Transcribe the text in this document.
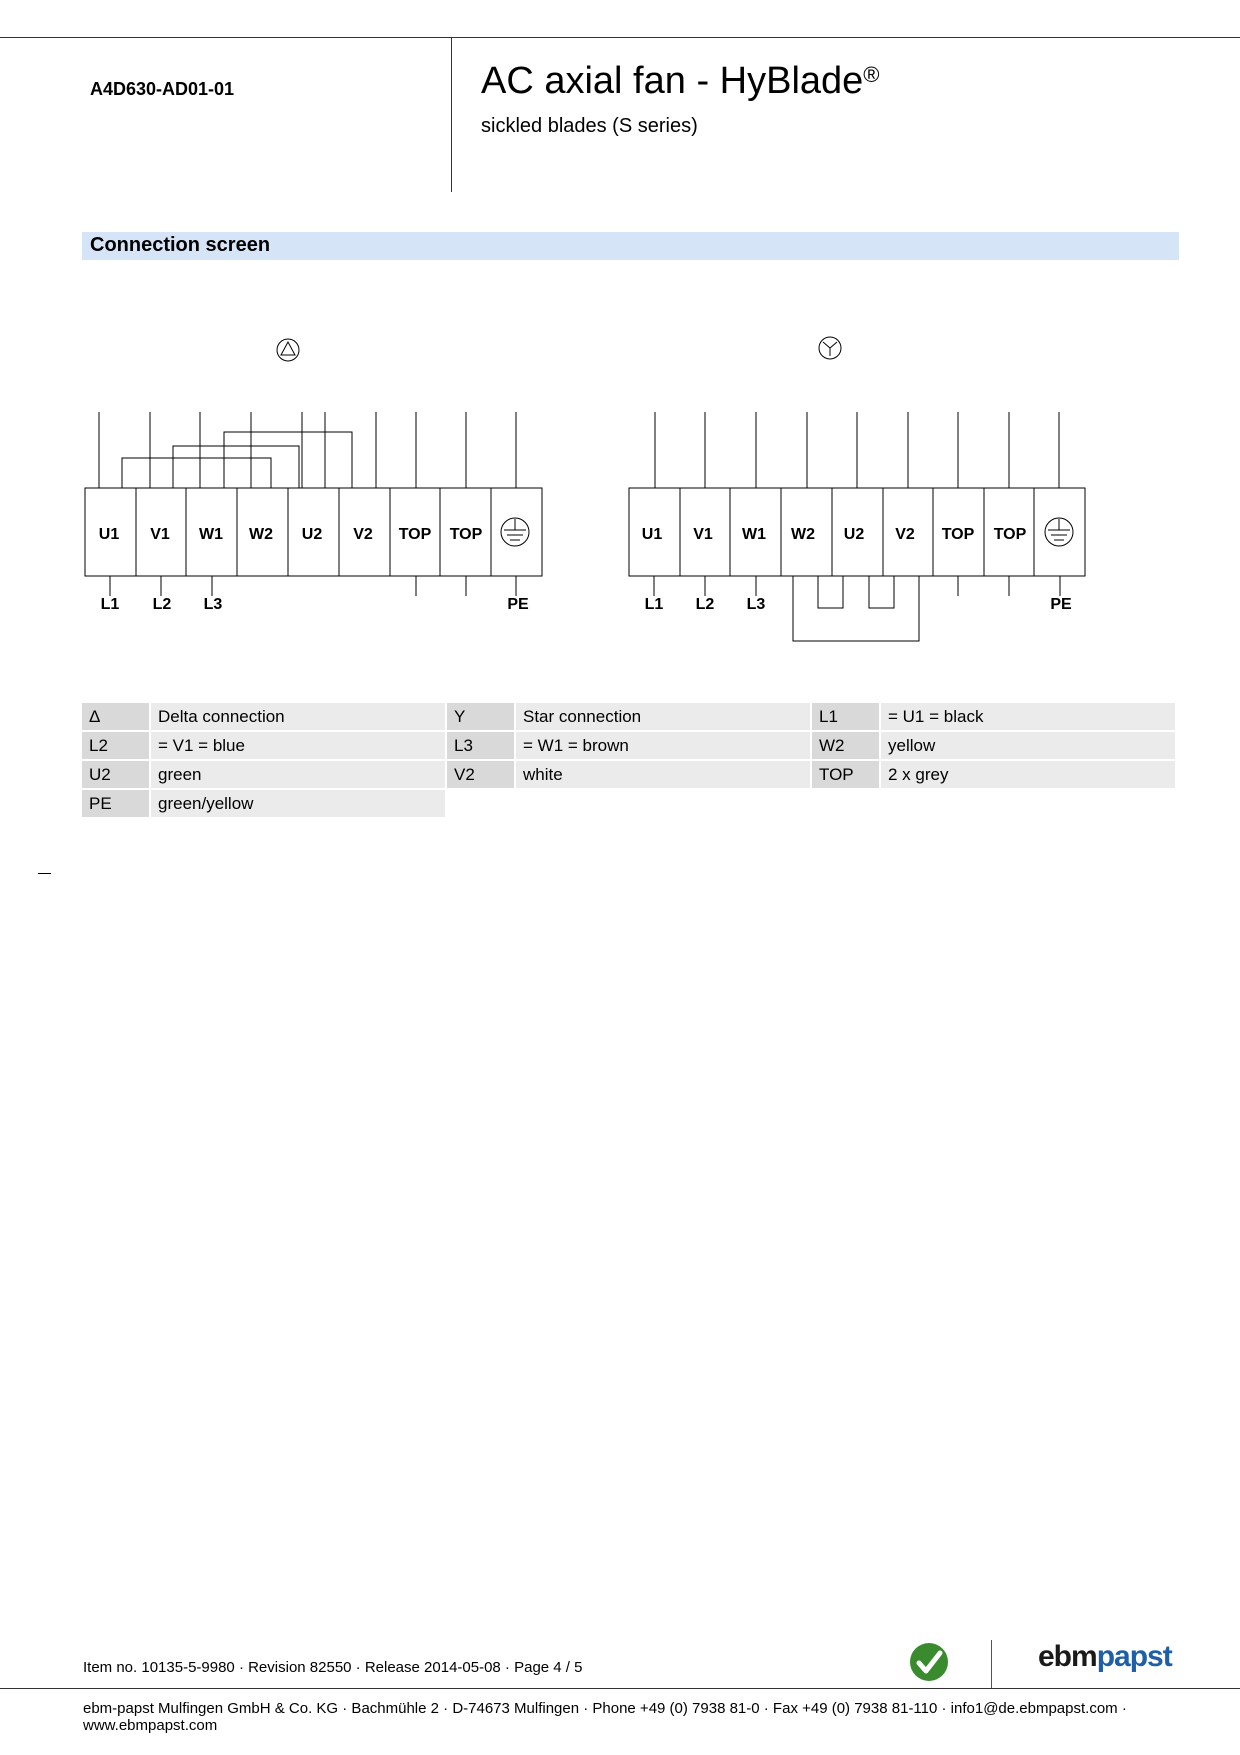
A4D630-AD01-01	AC axial fan - HyBlade®
sickled blades (S series)
Connection screen
U1 V1 W1 W2 U2 V2 TOP TOP
L1 L2 L3	PE
U1 V1 W1 W2 U2 V2 TOP TOP
L1 L2 L3	PE
Δ	Delta connection	Y	Star connection	L1	= U1 = black
L2	= V1 = blue	L3	= W1 = brown	W2	yellow
U2	green	V2	white	TOP	2 x grey
PE	green/yellow
Item no. 10135-5-9980 · Revision 82550 · Release 2014-05-08 · Page 4 / 5	ebmpapst
ebm-papst Mulfingen GmbH & Co. KG · Bachmühle 2 · D-74673 Mulfingen · Phone +49 (0) 7938 81-0 · Fax +49 (0) 7938 81-110 · info1@de.ebmpapst.com · www.ebmpapst.com
